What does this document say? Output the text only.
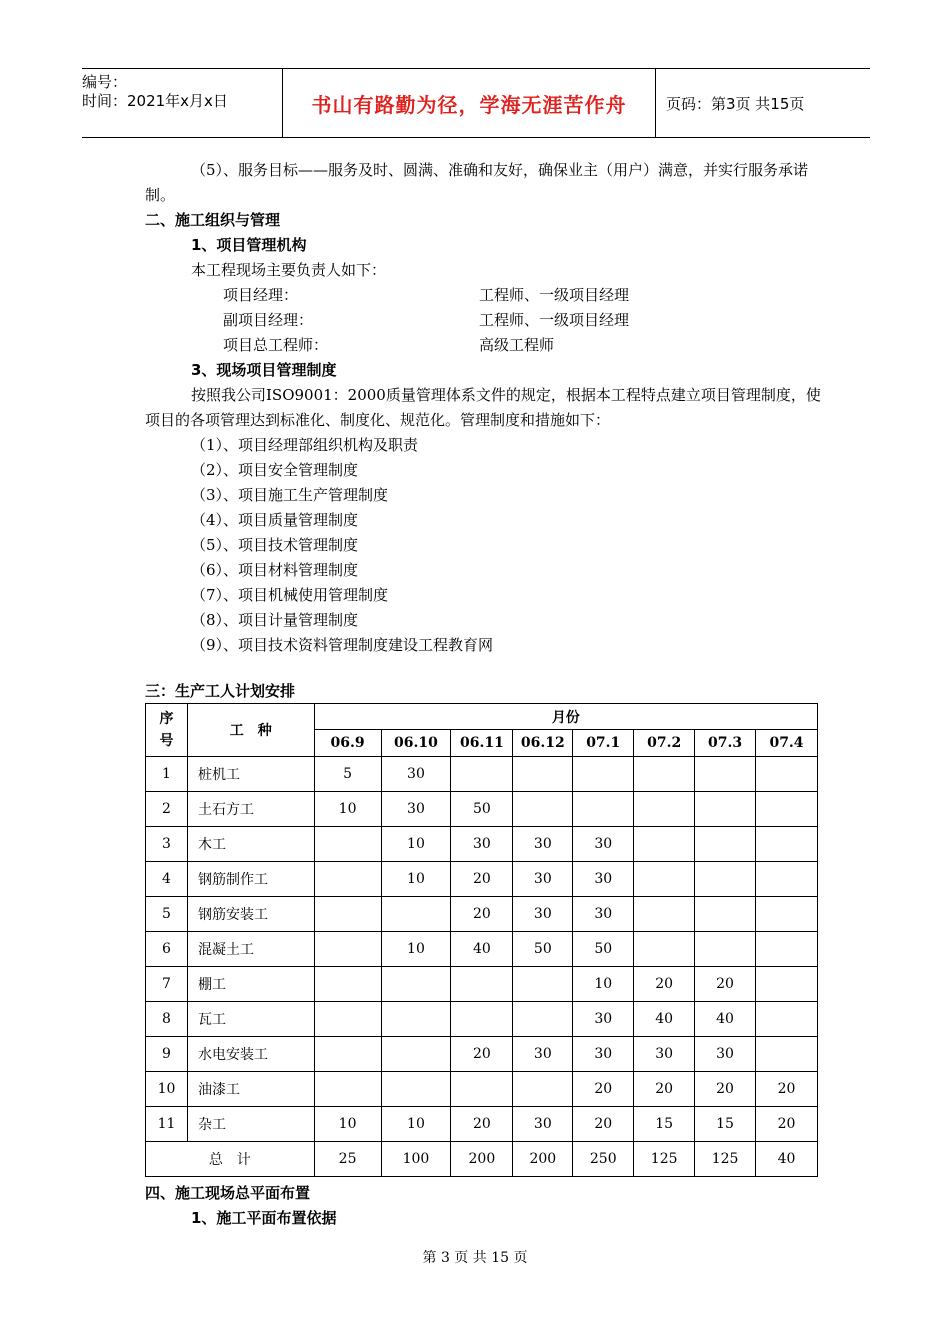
编号：
时间：2021年x月x日	书山有路勤为径，学海无涯苦作舟	页码：第3页 共15页
（5）、服务目标——服务及时、圆满、准确和友好，确保业主（用户）满意，并实行服务承诺制。
二、施工组织与管理
1、项目管理机构
本工程现场主要负责人如下：
项目经理：	工程师、一级项目经理
副项目经理：	工程师、一级项目经理
项目总工程师：	高级工程师
3、现场项目管理制度
按照我公司ISO9001：2000质量管理体系文件的规定，根据本工程特点建立项目管理制度，使项目的各项管理达到标准化、制度化、规范化。管理制度和措施如下：
（1）、项目经理部组织机构及职责
（2）、项目安全管理制度
（3）、项目施工生产管理制度
（4）、项目质量管理制度
（5）、项目技术管理制度
（6）、项目材料管理制度
（7）、项目机械使用管理制度
（8）、项目计量管理制度
（9）、项目技术资料管理制度建设工程教育网
三：生产工人计划安排
序号	工　种	月份							
		06.9	06.10	06.11	06.12	07.1	07.2	07.3	07.4
1	桩机工	5	30						
2	土石方工	10	30	50					
3	木工		10	30	30	30			
4	钢筋制作工		10	20	30	30			
5	钢筋安装工			20	30	30			
6	混凝土工		10	40	50	50			
7	棚工					10	20	20	
8	瓦工					30	40	40	
9	水电安装工			20	30	30	30	30	
10	油漆工					20	20	20	20
11	杂工	10	10	20	30	20	15	15	20
总　计		25	100	200	200	250	125	125	40
四、施工现场总平面布置
1、施工平面布置依据
第 3 页 共 15 页
